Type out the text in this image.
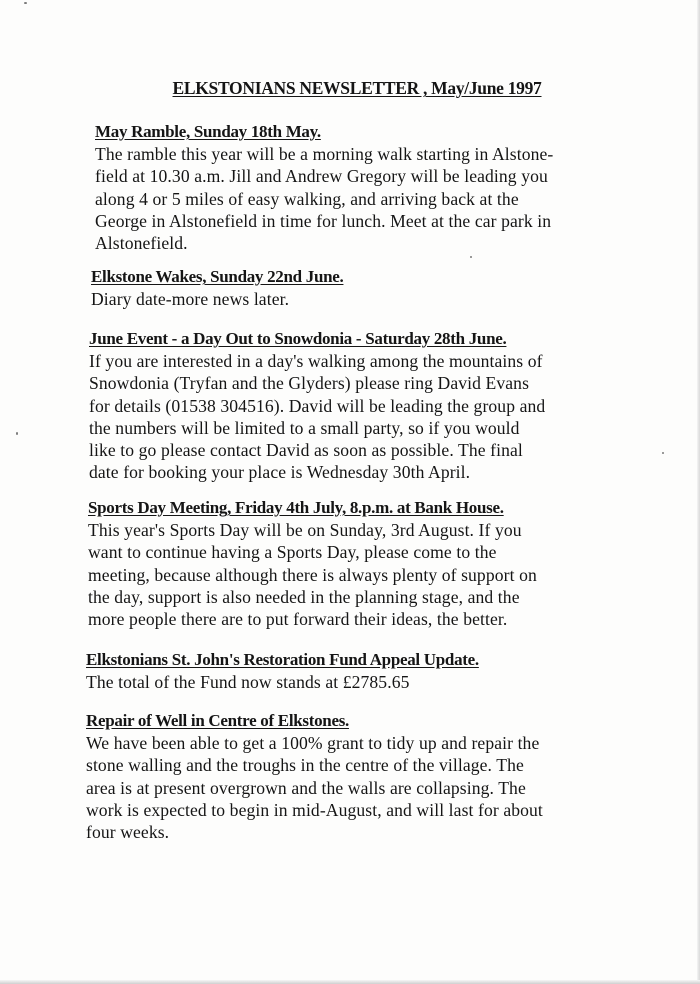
ELKSTONIANS NEWSLETTER , May/June 1997
May Ramble, Sunday 18th May.

The ramble this year will be a morning walk starting in Alstone-

field at 10.30 a.m. Jill and Andrew Gregory will be leading you

along 4 or 5 miles of easy walking, and arriving back at the

George in Alstonefield in time for lunch. Meet at the car park in

Alstonefield.

Elkstone Wakes, Sunday 22nd June.

Diary date-more news later.

June Event - a Day Out to Snowdonia - Saturday 28th June.

If you are interested in a day's walking among the mountains of

Snowdonia (Tryfan and the Glyders) please ring David Evans

for details (01538 304516). David will be leading the group and

the numbers will be limited to a small party, so if you would

like to go please contact David as soon as possible. The final

date for booking your place is Wednesday 30th April.

Sports Day Meeting, Friday 4th July, 8.p.m. at Bank House.

This year's Sports Day will be on Sunday, 3rd August. If you

want to continue having a Sports Day, please come to the

meeting, because although there is always plenty of support on

the day, support is also needed in the planning stage, and the

more people there are to put forward their ideas, the better.

Elkstonians St. John's Restoration Fund Appeal Update.

The total of the Fund now stands at £2785.65

Repair of Well in Centre of Elkstones.

We have been able to get a 100% grant to tidy up and repair the

stone walling and the troughs in the centre of the village. The

area is at present overgrown and the walls are collapsing. The

work is expected to begin in mid-August, and will last for about

four weeks.
